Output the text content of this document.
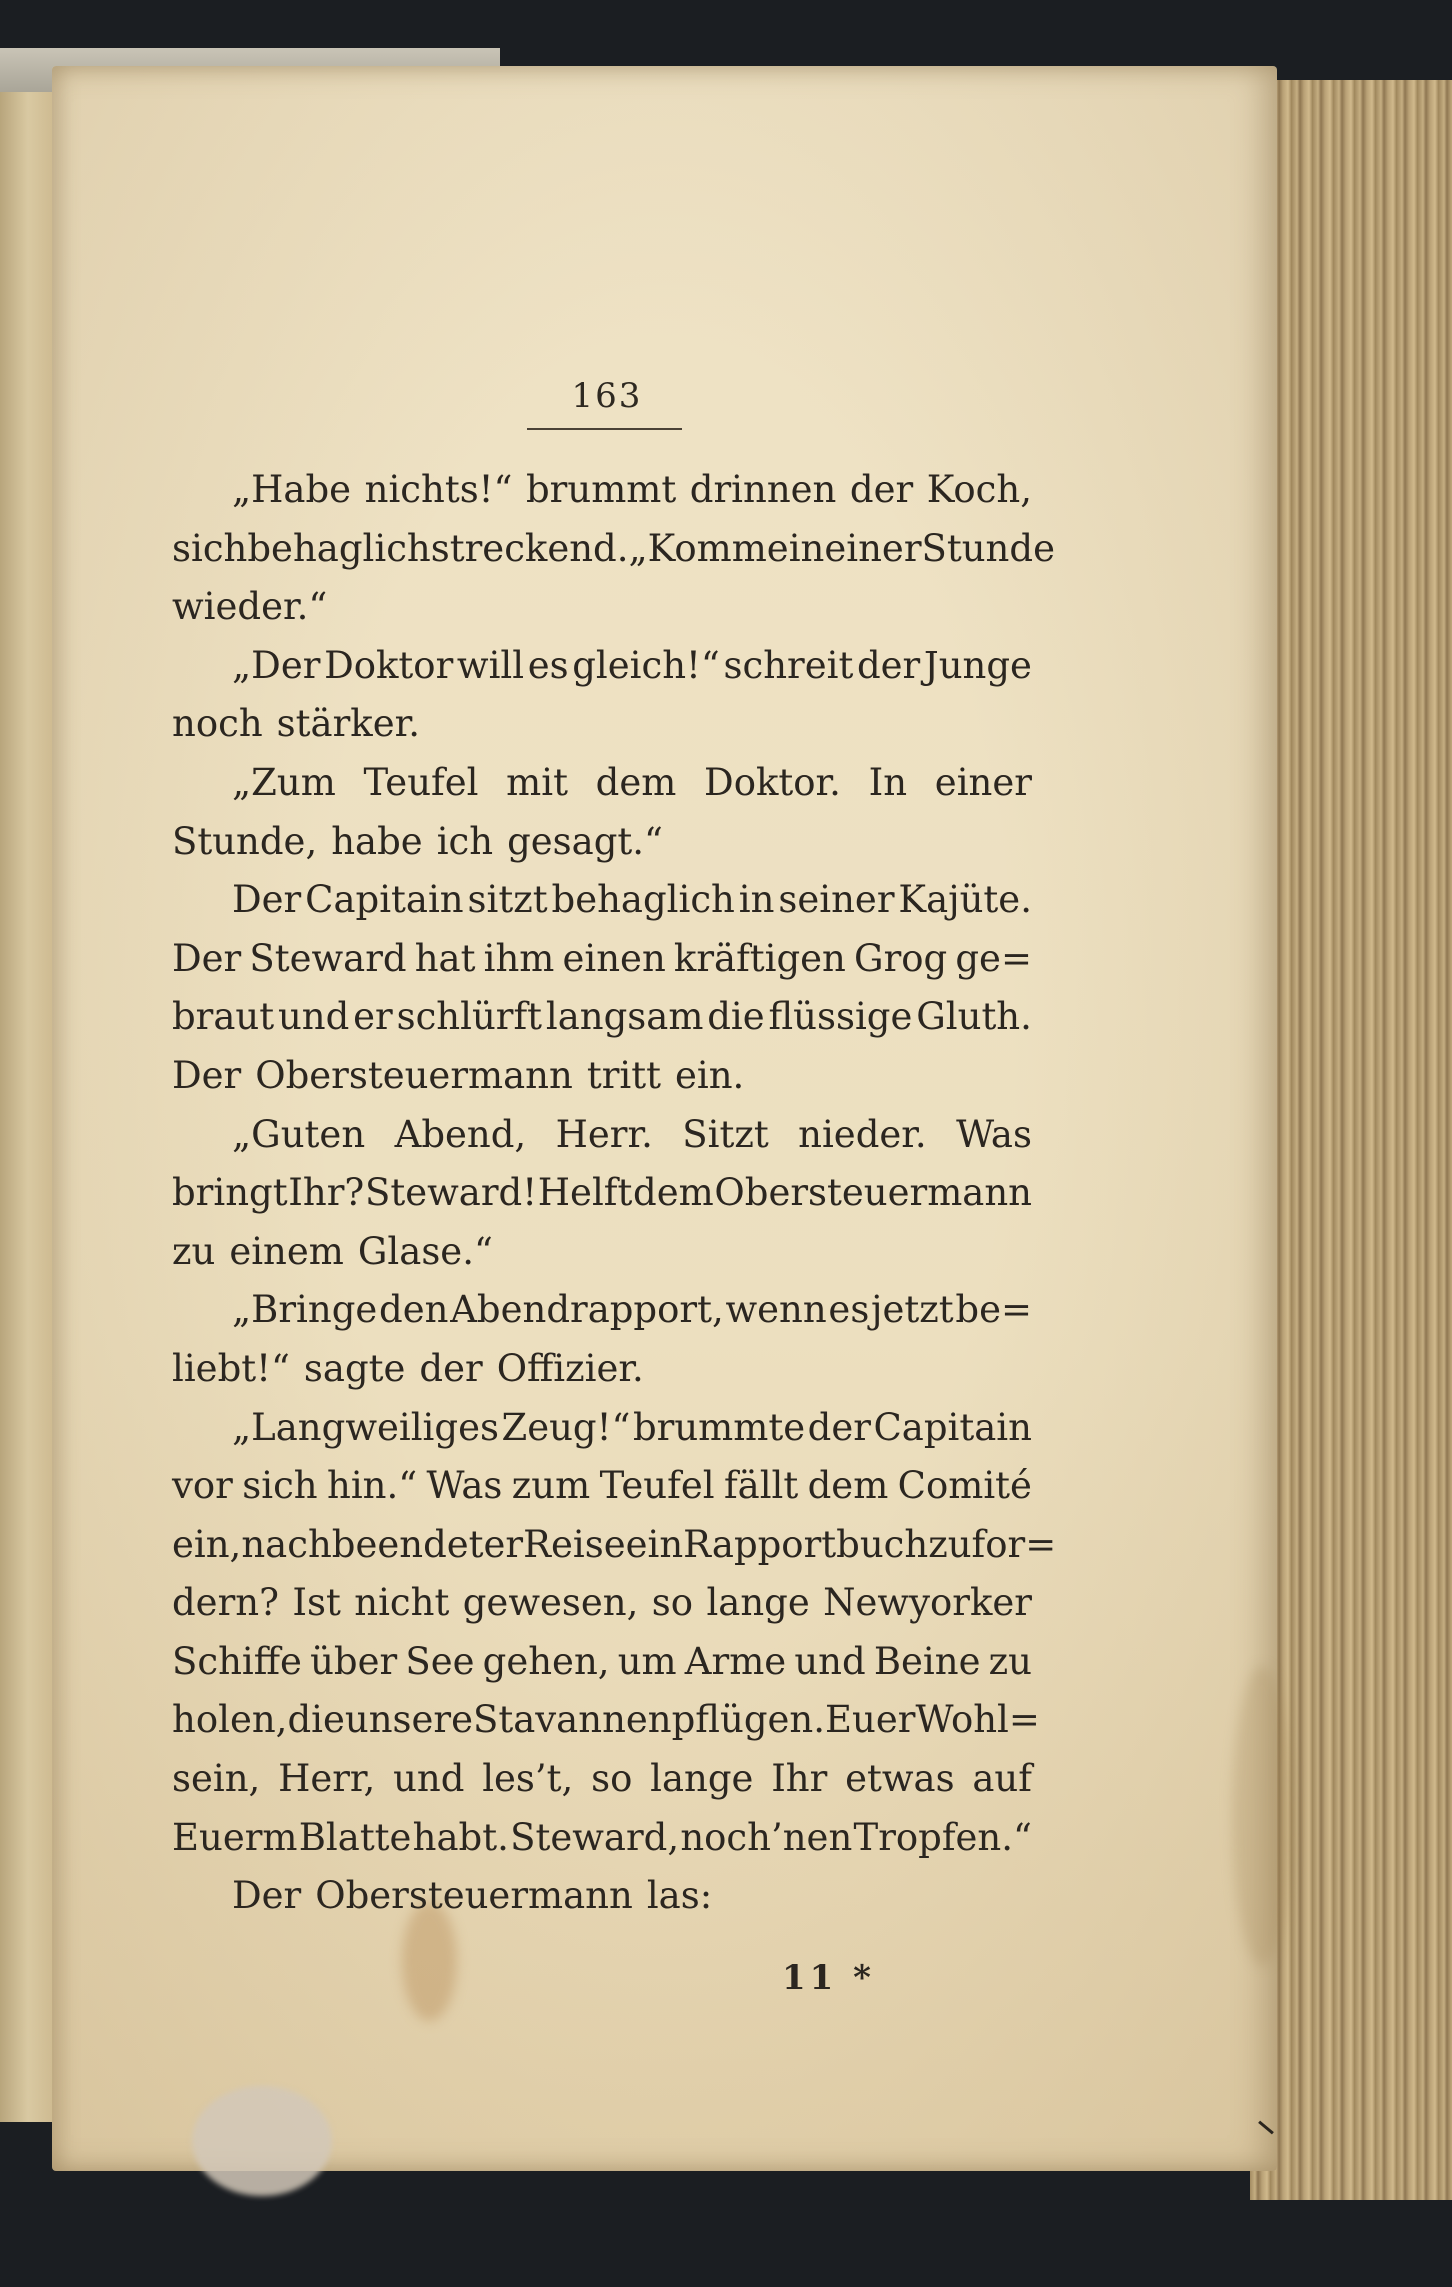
163
„Habe nichts!“ brummt drinnen der Koch,
sich behaglich streckend. „Komme in einer Stunde
wieder.“
„Der Doktor will es gleich!“ schreit der Junge
noch stärker.
„Zum Teufel mit dem Doktor. In einer
Stunde, habe ich gesagt.“
Der Capitain sitzt behaglich in seiner Kajüte.
Der Steward hat ihm einen kräftigen Grog ge=
braut und er schlürft langsam die flüssige Gluth.
Der Obersteuermann tritt ein.
„Guten Abend, Herr. Sitzt nieder. Was
bringt Ihr? Steward! Helft dem Obersteuermann
zu einem Glase.“
„Bringe den Abendrapport, wenn es jetzt be=
liebt!“ sagte der Offizier.
„Langweiliges Zeug!“ brummte der Capitain
vor sich hin.“ Was zum Teufel fällt dem Comité
ein, nach beendeter Reise ein Rapportbuch zu for=
dern? Ist nicht gewesen, so lange Newyorker
Schiffe über See gehen, um Arme und Beine zu
holen, die unsere Stavannen pflügen. Euer Wohl=
sein, Herr, und les’t, so lange Ihr etwas auf
Euerm Blatte habt. Steward, noch’nen Tropfen.“
Der Obersteuermann las:
11 *
